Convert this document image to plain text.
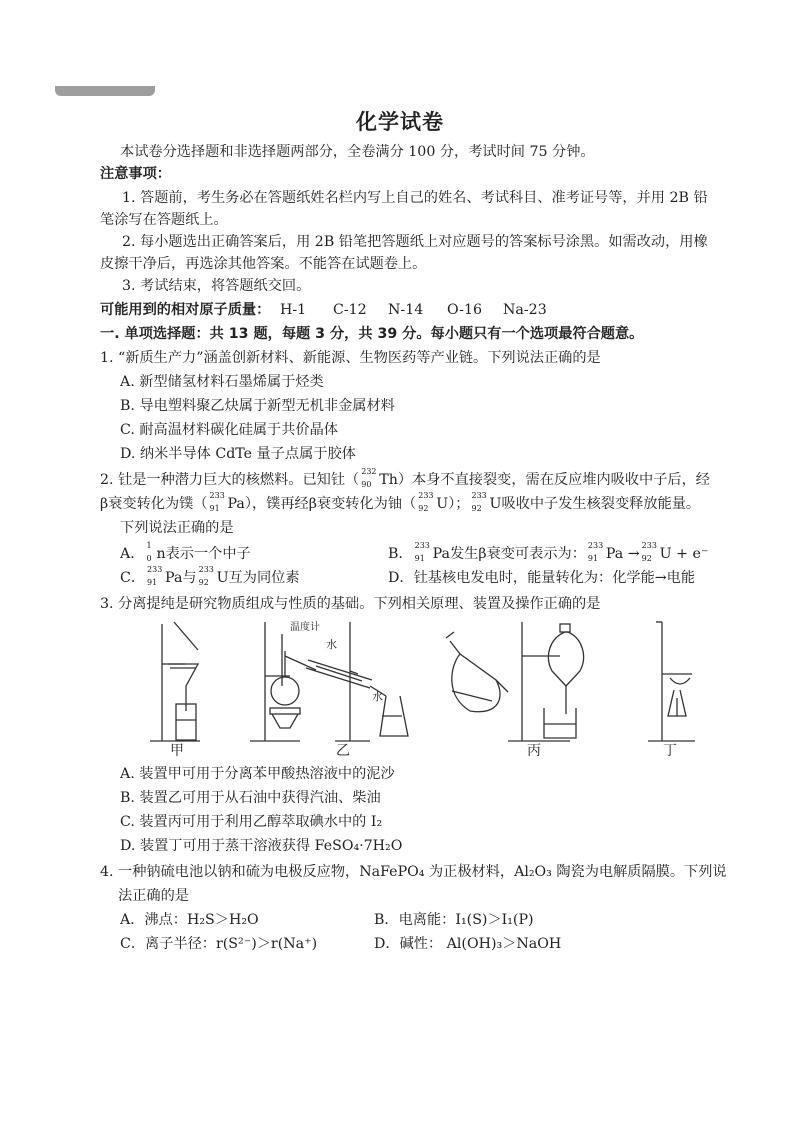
化学试卷
本试卷分选择题和非选择题两部分，全卷满分 100 分，考试时间 75 分钟。
注意事项：
1. 答题前，考生务必在答题纸姓名栏内写上自己的姓名、考试科目、准考证号等，并用 2B 铅
笔涂写在答题纸上。
2. 每小题选出正确答案后，用 2B 铅笔把答题纸上对应题号的答案标号涂黑。如需改动，用橡
皮擦干净后，再选涂其他答案。不能答在试题卷上。
3. 考试结束，将答题纸交回。
可能用到的相对原子质量： H-1 C-12 N-14 O-16 Na-23
一. 单项选择题：共 13 题，每题 3 分，共 39 分。每小题只有一个选项最符合题意。
1. “新质生产力”涵盖创新材料、新能源、生物医药等产业链。下列说法正确的是
A. 新型储氢材料石墨烯属于烃类
B. 导电塑料聚乙炔属于新型无机非金属材料
C. 耐高温材料碳化硅属于共价晶体
D. 纳米半导体 CdTe 量子点属于胶体
2. 钍是一种潜力巨大的核燃料。已知钍（
232
90 Th）本身不直接裂变，需在反应堆内吸收中子后，经
β衰变转化为镤（
233
91 Pa），镤再经β衰变转化为铀（
233
92 U）；
233
92 U吸收中子发生核裂变释放能量。
下列说法正确的是
A．
1
0 n表示一个中子	B．
233
91 Pa发生β衰变可表示为：
233
91 Pa →
233
92 U + e⁻
C．
233
91 Pa与
233
92 U互为同位素	D．钍基核电发电时，能量转化为：化学能→电能
3. 分离提纯是研究物质组成与性质的基础。下列相关原理、装置及操作正确的是
温度计
水
水
甲	乙	丙	丁
A. 装置甲可用于分离苯甲酸热溶液中的泥沙
B. 装置乙可用于从石油中获得汽油、柴油
C. 装置丙可用于利用乙醇萃取碘水中的 I₂
D. 装置丁可用于蒸干溶液获得 FeSO₄·7H₂O
4. 一种钠硫电池以钠和硫为电极反应物，NaFePO₄ 为正极材料，Al₂O₃ 陶瓷为电解质隔膜。下列说
法正确的是
A．沸点：H₂S＞H₂O	B．电离能：I₁(S)＞I₁(P)
C．离子半径：r(S²⁻)＞r(Na⁺)	D．碱性： Al(OH)₃＞NaOH
